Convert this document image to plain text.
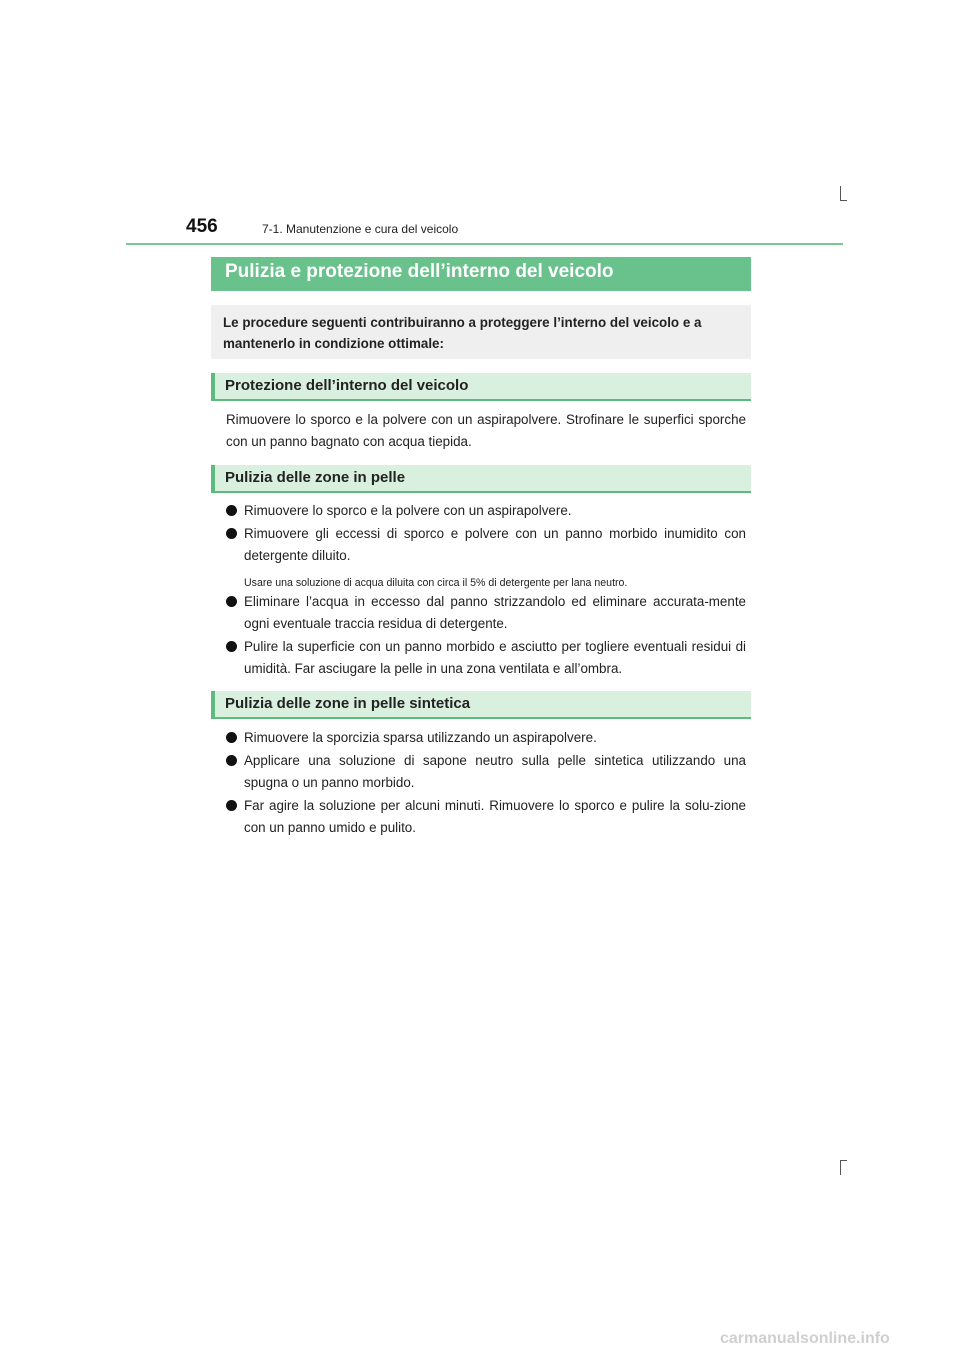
456	7-1. Manutenzione e cura del veicolo
Pulizia e protezione dell’interno del veicolo

Le procedure seguenti contribuiranno a proteggere l’interno del veicolo e a mantenerlo in condizione ottimale:

Protezione dell’interno del veicolo

Rimuovere lo sporco e la polvere con un aspirapolvere. Strofinare le superfici sporche con un panno bagnato con acqua tiepida.

Pulizia delle zone in pelle

Rimuovere lo sporco e la polvere con un aspirapolvere.

Rimuovere gli eccessi di sporco e polvere con un panno morbido inumidito con detergente diluito.

Usare una soluzione di acqua diluita con circa il 5% di detergente per lana neutro.

Eliminare l’acqua in eccesso dal panno strizzandolo ed eliminare accurata-mente ogni eventuale traccia residua di detergente.

Pulire la superficie con un panno morbido e asciutto per togliere eventuali residui di umidità. Far asciugare la pelle in una zona ventilata e all’ombra.

Pulizia delle zone in pelle sintetica

Rimuovere la sporcizia sparsa utilizzando un aspirapolvere.

Applicare una soluzione di sapone neutro sulla pelle sintetica utilizzando una spugna o un panno morbido.

Far agire la soluzione per alcuni minuti. Rimuovere lo sporco e pulire la solu-zione con un panno umido e pulito.

carmanualsonline.info
